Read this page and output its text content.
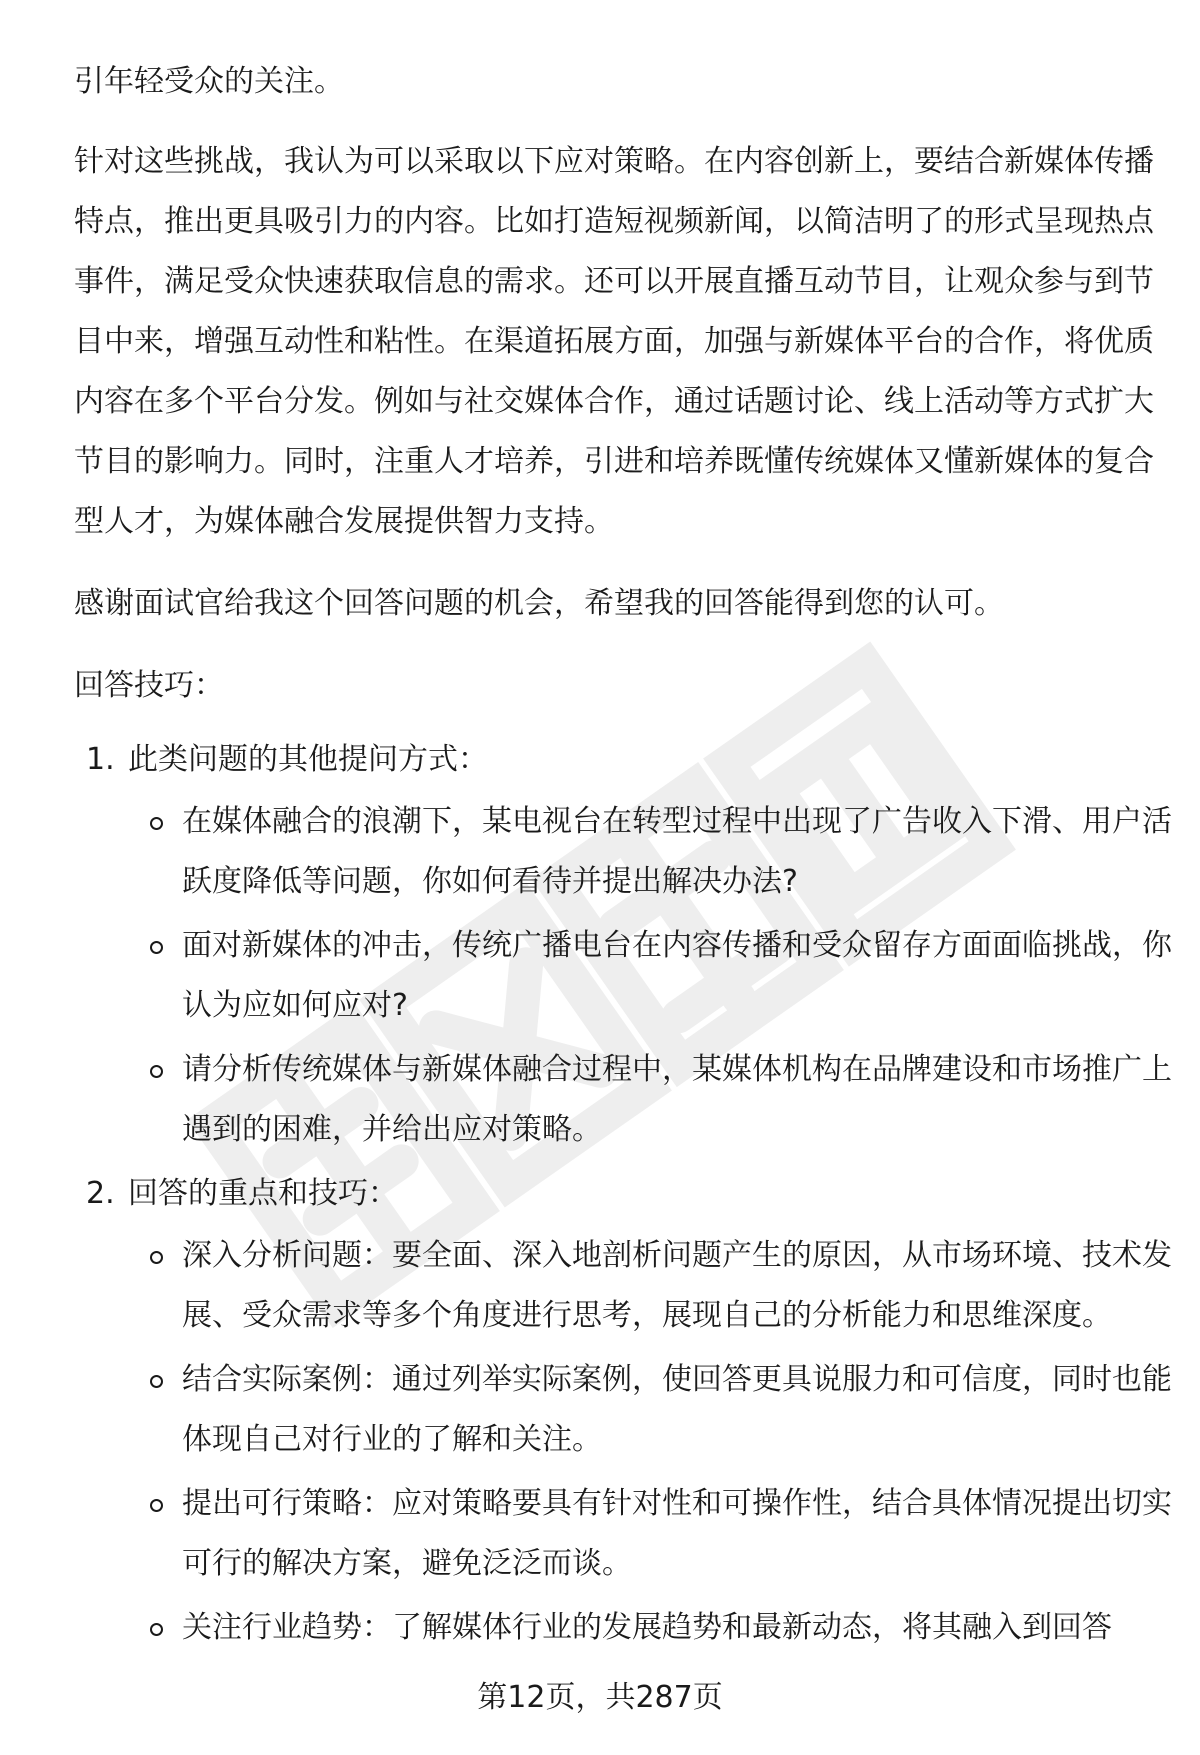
引年轻受众的关注。

针对这些挑战，我认为可以采取以下应对策略。在内容创新上，要结合新媒体传播特点，推出更具吸引力的内容。比如打造短视频新闻，以简洁明了的形式呈现热点事件，满足受众快速获取信息的需求。还可以开展直播互动节目，让观众参与到节目中来，增强互动性和粘性。在渠道拓展方面，加强与新媒体平台的合作，将优质内容在多个平台分发。例如与社交媒体合作，通过话题讨论、线上活动等方式扩大节目的影响力。同时，注重人才培养，引进和培养既懂传统媒体又懂新媒体的复合型人才，为媒体融合发展提供智力支持。

感谢面试官给我这个回答问题的机会，希望我的回答能得到您的认可。

回答技巧：

1. 此类问题的其他提问方式：
在媒体融合的浪潮下，某电视台在转型过程中出现了广告收入下滑、用户活跃度降低等问题，你如何看待并提出解决办法?
面对新媒体的冲击，传统广播电台在内容传播和受众留存方面面临挑战，你认为应如何应对?
请分析传统媒体与新媒体融合过程中，某媒体机构在品牌建设和市场推广上遇到的困难，并给出应对策略。
2. 回答的重点和技巧：
深入分析问题：要全面、深入地剖析问题产生的原因，从市场环境、技术发展、受众需求等多个角度进行思考，展现自己的分析能力和思维深度。
结合实际案例：通过列举实际案例，使回答更具说服力和可信度，同时也能体现自己对行业的了解和关注。
提出可行策略：应对策略要具有针对性和可操作性，结合具体情况提出切实可行的解决方案，避免泛泛而谈。
关注行业趋势：了解媒体行业的发展趋势和最新动态，将其融入到回答
第12页，共287页
